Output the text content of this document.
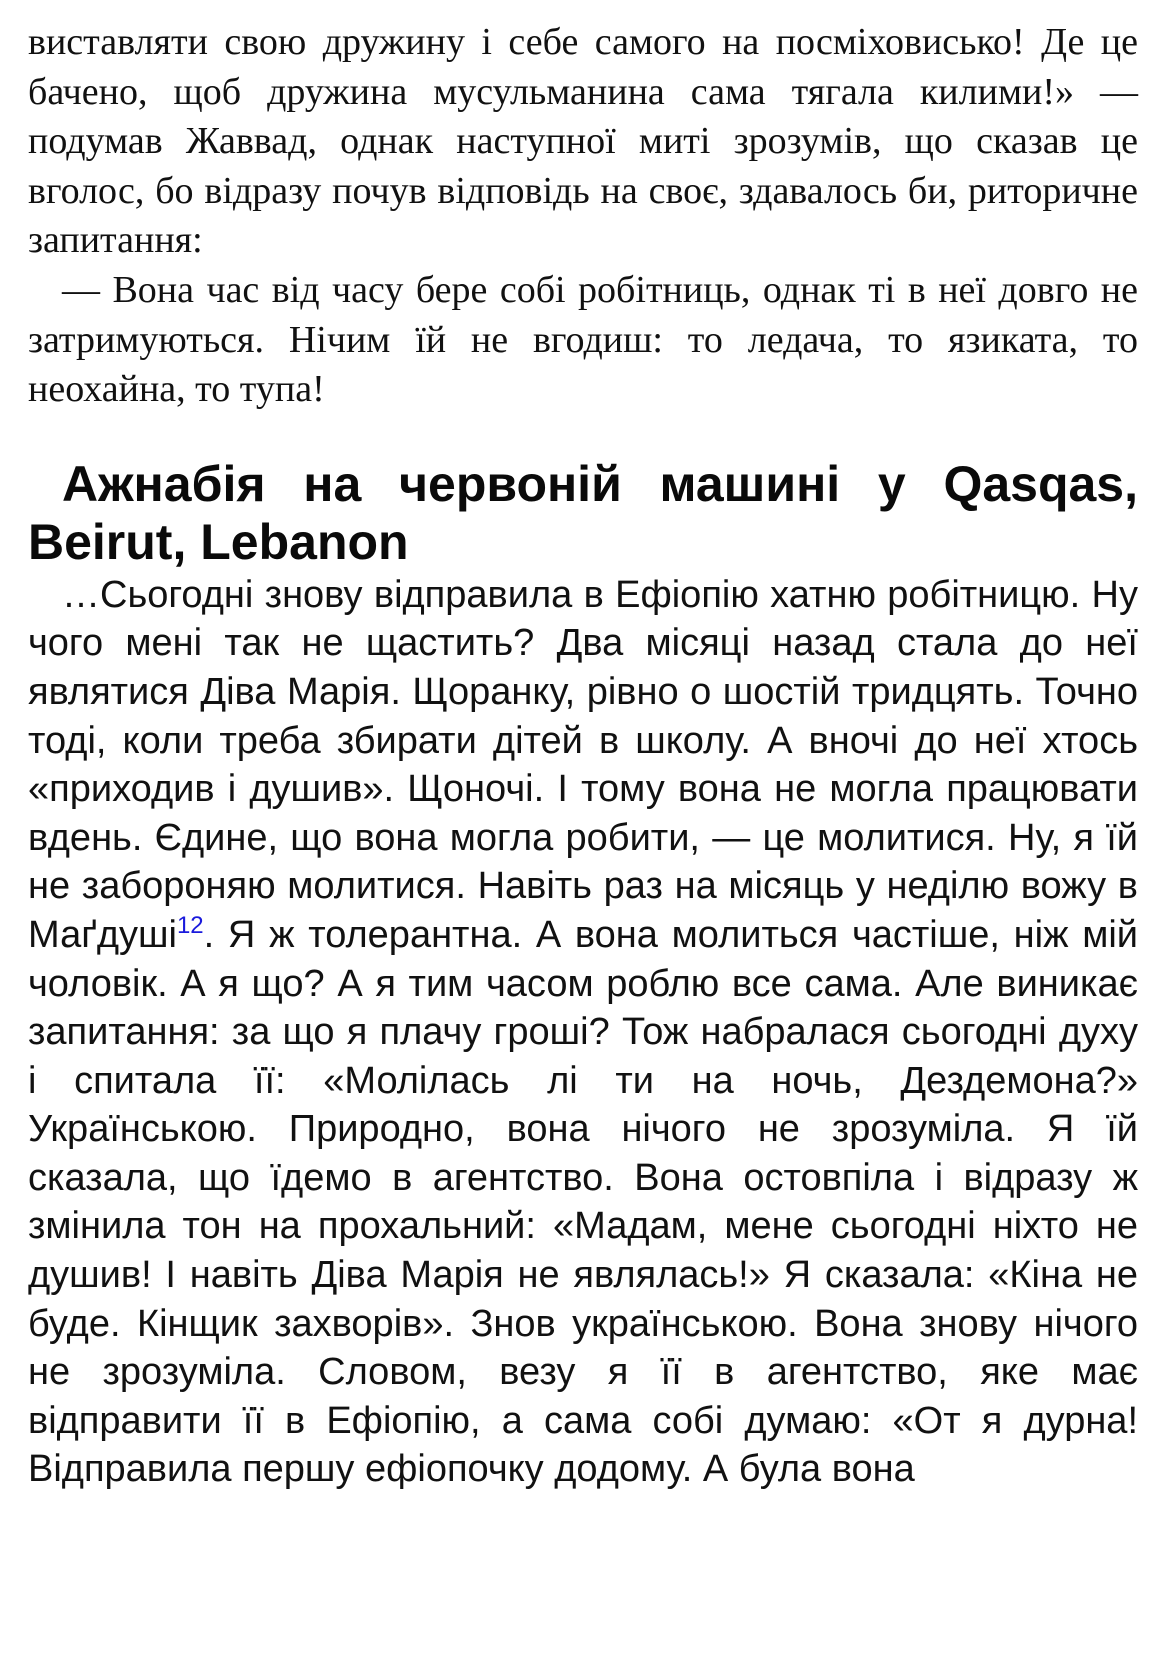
виставляти свою дружину і себе самого на посміховисько! Де це бачено, щоб дружина мусульманина сама тягала килими!» — подумав Жаввад, однак наступної миті зрозумів, що сказав це вголос, бо відразу почув відповідь на своє, здавалось би, риторичне запитання:

— Вона час від часу бере собі робітниць, однак ті в неї довго не затримуються. Нічим їй не вгодиш: то ледача, то язиката, то неохайна, то тупа!

Ажнабія на червоній машині у Qasqas, Beirut, Lebanon

…Сьогодні знову відправила в Ефіопію хатню робітницю. Ну чого мені так не щастить? Два місяці назад стала до неї являтися Діва Марія. Щоранку, рівно о шостій тридцять. Точно тоді, коли треба збирати дітей в школу. А вночі до неї хтось «приходив і душив». Щоночі. І тому вона не могла працювати вдень. Єдине, що вона могла робити, — це молитися. Ну, я їй не забороняю молитися. Навіть раз на місяць у неділю вожу в Маґдуші$^{12}$. Я ж толерантна. А вона молиться частіше, ніж мій чоловік. А я що? А я тим часом роблю все сама. Але виникає запитання: за що я плачу гроші? Тож набралася сьогодні духу і спитала її: «Молілась лі ти на ночь, Дездемона?» Українською. Природно, вона нічого не зрозуміла. Я їй сказала, що їдемо в агентство. Вона остовпіла і відразу ж змінила тон на прохальний: «Мадам, мене сьогодні ніхто не душив! І навіть Діва Марія не являлась!» Я сказала: «Кіна не буде. Кінщик захворів». Знов українською. Вона знову нічого не зрозуміла. Словом, везу я її в агентство, яке має відправити її в Ефіопію, а сама собі думаю: «От я дурна! Відправила першу ефіопочку додому. А була вона
